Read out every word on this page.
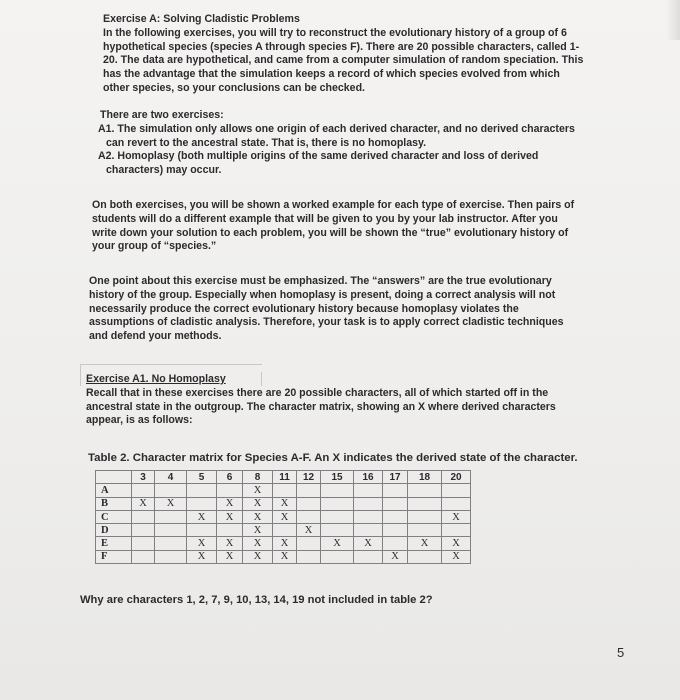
Exercise A: Solving Cladistic Problems

In the following exercises, you will try to reconstruct the evolutionary history of a group of 6

hypothetical species (species A through species F). There are 20 possible characters, called 1-

20. The data are hypothetical, and came from a computer simulation of random speciation. This

has the advantage that the simulation keeps a record of which species evolved from which

other species, so your conclusions can be checked.

There are two exercises:

A1. The simulation only allows one origin of each derived character, and no derived characters

can revert to the ancestral state. That is, there is no homoplasy.

A2. Homoplasy (both multiple origins of the same derived character and loss of derived

characters) may occur.

On both exercises, you will be shown a worked example for each type of exercise. Then pairs of

students will do a different example that will be given to you by your lab instructor. After you

write down your solution to each problem, you will be shown the “true” evolutionary history of

your group of “species.”

One point about this exercise must be emphasized. The “answers” are the true evolutionary

history of the group. Especially when homoplasy is present, doing a correct analysis will not

necessarily produce the correct evolutionary history because homoplasy violates the

assumptions of cladistic analysis. Therefore, your task is to apply correct cladistic techniques

and defend your methods.

Exercise A1. No Homoplasy

Recall that in these exercises there are 20 possible characters, all of which started off in the

ancestral state in the outgroup. The character matrix, showing an X where derived characters

appear, is as follows:

Table 2. Character matrix for Species A-F. An X indicates the derived state of the character.
	3	4	5	6	8	11	12	15	16	17	18	20
A					X							
B	X	X		X	X	X						
C			X	X	X	X						X
D					X		X					
E			X	X	X	X		X	X		X	X
F			X	X	X	X				X		X
Why are characters 1, 2, 7, 9, 10, 13, 14, 19 not included in table 2?
5
